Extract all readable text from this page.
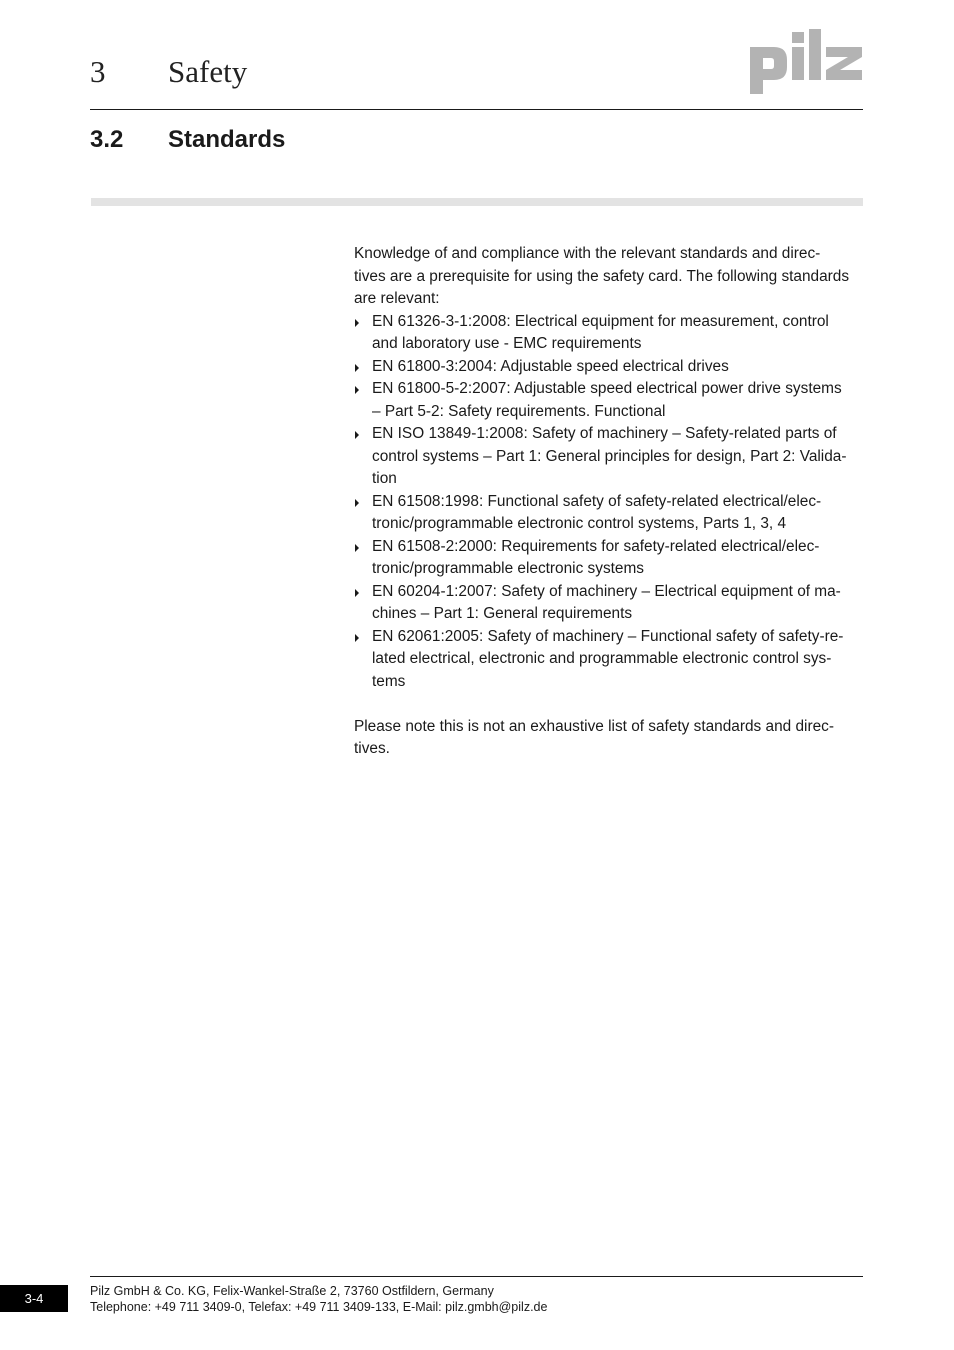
3 Safety
3.2 Standards

Knowledge of and compliance with the relevant standards and direc-
tives are a prerequisite for using the safety card. The following standards
are relevant:

EN 61326-3-1:2008: Electrical equipment for measurement, control
and laboratory use - EMC requirements
EN 61800-3:2004: Adjustable speed electrical drives
EN 61800-5-2:2007: Adjustable speed electrical power drive systems
– Part 5-2: Safety requirements. Functional
EN ISO 13849-1:2008: Safety of machinery – Safety-related parts of
control systems – Part 1: General principles for design, Part 2: Valida-
tion
EN 61508:1998: Functional safety of safety-related electrical/elec-
tronic/programmable electronic control systems, Parts 1, 3, 4
EN 61508-2:2000: Requirements for safety-related electrical/elec-
tronic/programmable electronic systems
EN 60204-1:2007: Safety of machinery – Electrical equipment of ma-
chines – Part 1: General requirements
EN 62061:2005: Safety of machinery – Functional safety of safety-re-
lated electrical, electronic and programmable electronic control sys-
tems

Please note this is not an exhaustive list of safety standards and direc-
tives.

3-4	Pilz GmbH & Co. KG, Felix-Wankel-Straße 2, 73760 Ostfildern, Germany
Telephone: +49 711 3409-0, Telefax: +49 711 3409-133, E-Mail: pilz.gmbh@pilz.de
